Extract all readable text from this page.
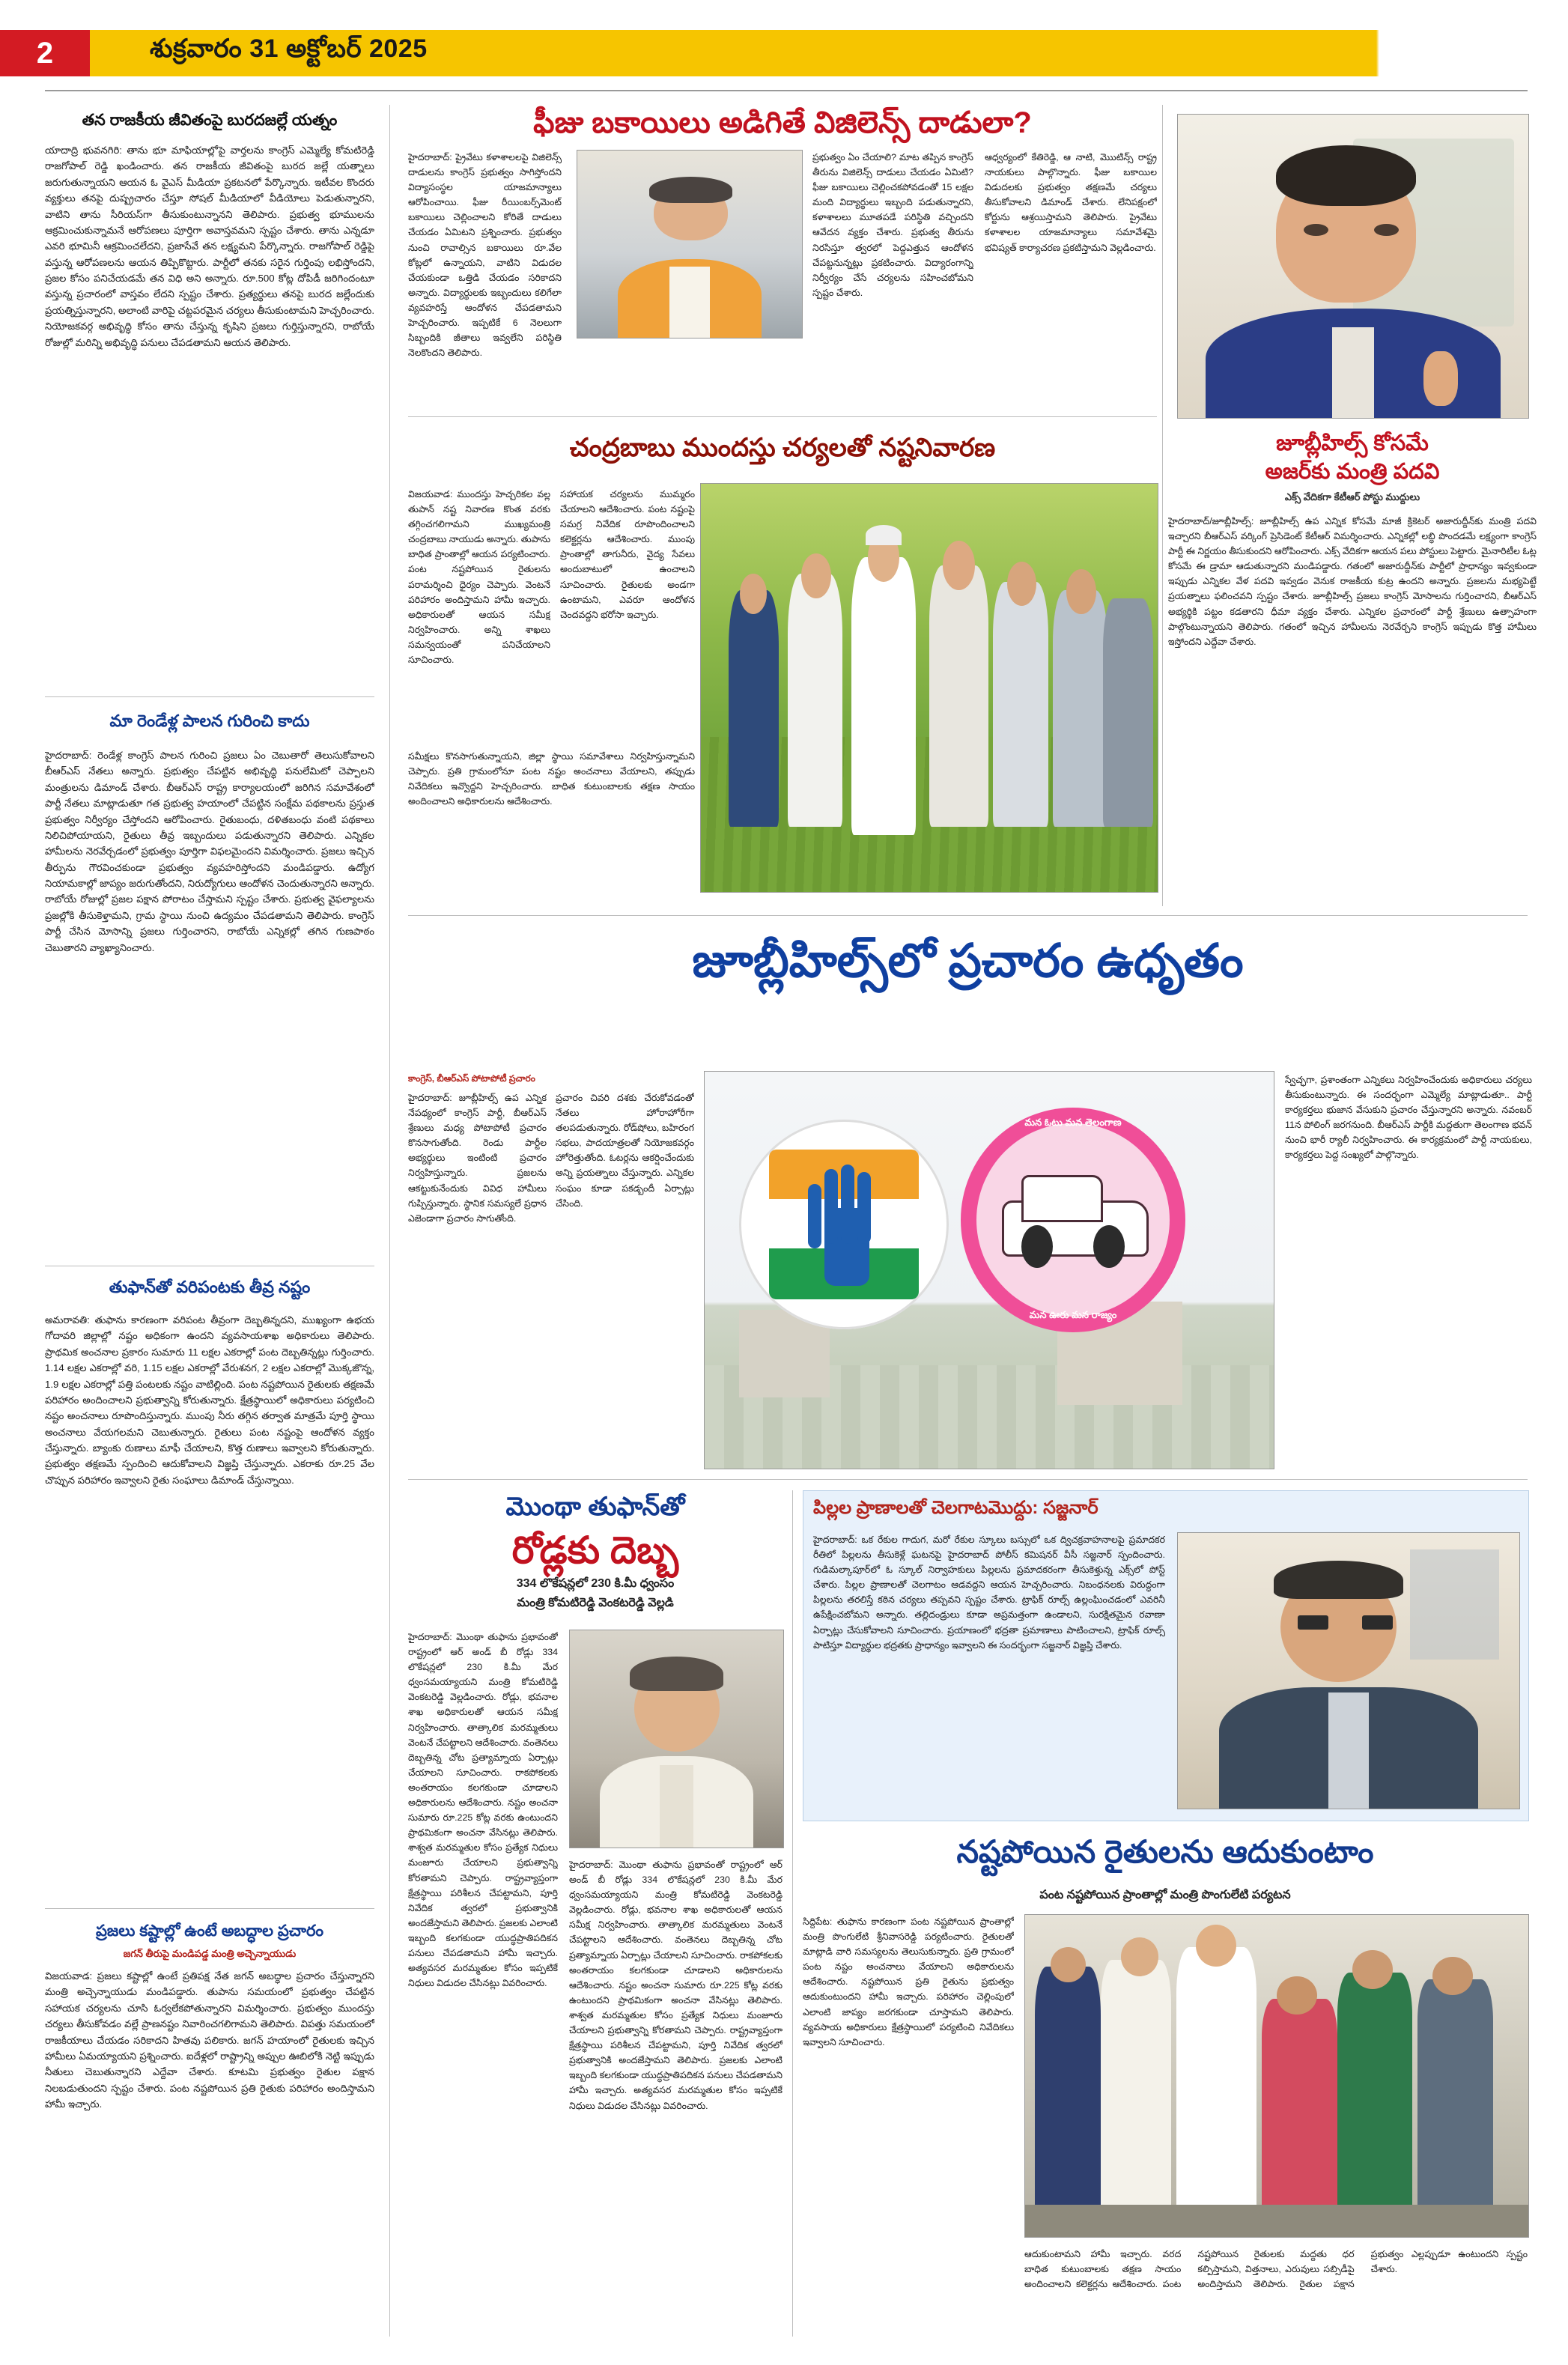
2	శుక్రవారం 31 అక్టోబర్ 2025
తన రాజకీయ జీవితంపై బురదజల్లే యత్నం
యాదాద్రి భువనగిరి: తాను భూ మాఫియాల్లోపై వార్తలను కాంగ్రెస్ ఎమ్మెల్యే కోమటిరెడ్డి రాజగోపాల్ రెడ్డి ఖండించారు. తన రాజకీయ జీవితంపై బురద జల్లే యత్నాలు జరుగుతున్నాయని ఆయన ఓ వైఎస్ మీడియా ప్రకటనలో పేర్కొన్నారు. ఇటీవల కొందరు వ్యక్తులు తనపై దుష్ప్రచారం చేస్తూ సోషల్ మీడియాలో వీడియోలు పెడుతున్నారని, వాటిని తాను సీరియస్‌గా తీసుకుంటున్నానని తెలిపారు. ప్రభుత్వ భూములను ఆక్రమించుకున్నామనే ఆరోపణలు పూర్తిగా అవాస్తవమని స్పష్టం చేశారు. తాను ఎన్నడూ ఎవరి భూమినీ ఆక్రమించలేదని, ప్రజాసేవే తన లక్ష్యమని పేర్కొన్నారు. రాజగోపాల్ రెడ్డిపై వస్తున్న ఆరోపణలను ఆయన తిప్పికొట్టారు. పార్టీలో తనకు సరైన గుర్తింపు లభిస్తోందని, ప్రజల కోసం పనిచేయడమే తన విధి అని అన్నారు. రూ.500 కోట్ల దోపిడీ జరిగిందంటూ వస్తున్న ప్రచారంలో వాస్తవం లేదని స్పష్టం చేశారు. ప్రత్యర్థులు తనపై బురద జల్లేందుకు ప్రయత్నిస్తున్నారని, అలాంటి వారిపై చట్టపరమైన చర్యలు తీసుకుంటామని హెచ్చరించారు. నియోజకవర్గ అభివృద్ధి కోసం తాను చేస్తున్న కృషిని ప్రజలు గుర్తిస్తున్నారని, రాబోయే రోజుల్లో మరిన్ని అభివృద్ధి పనులు చేపడతామని ఆయన తెలిపారు.
మా రెండేళ్ల పాలన గురించి కాదు
హైదరాబాద్: రెండేళ్ల కాంగ్రెస్ పాలన గురించి ప్రజలు ఏం చెబుతారో తెలుసుకోవాలని బీఆర్ఎస్ నేతలు అన్నారు. ప్రభుత్వం చేపట్టిన అభివృద్ధి పనులేమిటో చెప్పాలని మంత్రులను డిమాండ్ చేశారు. బీఆర్ఎస్ రాష్ట్ర కార్యాలయంలో జరిగిన సమావేశంలో పార్టీ నేతలు మాట్లాడుతూ గత ప్రభుత్వ హయాంలో చేపట్టిన సంక్షేమ పథకాలను ప్రస్తుత ప్రభుత్వం నిర్వీర్యం చేస్తోందని ఆరోపించారు. రైతుబంధు, దళితబంధు వంటి పథకాలు నిలిచిపోయాయని, రైతులు తీవ్ర ఇబ్బందులు పడుతున్నారని తెలిపారు. ఎన్నికల హామీలను నెరవేర్చడంలో ప్రభుత్వం పూర్తిగా విఫలమైందని విమర్శించారు. ప్రజలు ఇచ్చిన తీర్పును గౌరవించకుండా ప్రభుత్వం వ్యవహరిస్తోందని మండిపడ్డారు. ఉద్యోగ నియామకాల్లో జాప్యం జరుగుతోందని, నిరుద్యోగులు ఆందోళన చెందుతున్నారని అన్నారు. రాబోయే రోజుల్లో ప్రజల పక్షాన పోరాటం చేస్తామని స్పష్టం చేశారు. ప్రభుత్వ వైఫల్యాలను ప్రజల్లోకి తీసుకెళ్తామని, గ్రామ స్థాయి నుంచి ఉద్యమం చేపడతామని తెలిపారు. కాంగ్రెస్ పార్టీ చేసిన మోసాన్ని ప్రజలు గుర్తించారని, రాబోయే ఎన్నికల్లో తగిన గుణపాఠం చెబుతారని వ్యాఖ్యానించారు.
తుఫాన్‌తో వరిపంటకు తీవ్ర నష్టం
అమరావతి: తుఫాను కారణంగా వరిపంట తీవ్రంగా దెబ్బతిన్నదని, ముఖ్యంగా ఉభయ గోదావరి జిల్లాల్లో నష్టం అధికంగా ఉందని వ్యవసాయశాఖ అధికారులు తెలిపారు. ప్రాథమిక అంచనాల ప్రకారం సుమారు 11 లక్షల ఎకరాల్లో పంట దెబ్బతిన్నట్లు గుర్తించారు. 1.14 లక్షల ఎకరాల్లో వరి, 1.15 లక్షల ఎకరాల్లో వేరుశనగ, 2 లక్షల ఎకరాల్లో మొక్కజొన్న, 1.9 లక్షల ఎకరాల్లో పత్తి పంటలకు నష్టం వాటిల్లింది. పంట నష్టపోయిన రైతులకు తక్షణమే పరిహారం అందించాలని ప్రభుత్వాన్ని కోరుతున్నారు. క్షేత్రస్థాయిలో అధికారులు పర్యటించి నష్టం అంచనాలు రూపొందిస్తున్నారు. ముంపు నీరు తగ్గిన తర్వాత మాత్రమే పూర్తి స్థాయి అంచనాలు వేయగలమని చెబుతున్నారు. రైతులు పంట నష్టంపై ఆందోళన వ్యక్తం చేస్తున్నారు. బ్యాంకు రుణాలు మాఫీ చేయాలని, కొత్త రుణాలు ఇవ్వాలని కోరుతున్నారు. ప్రభుత్వం తక్షణమే స్పందించి ఆదుకోవాలని విజ్ఞప్తి చేస్తున్నారు. ఎకరాకు రూ.25 వేల చొప్పున పరిహారం ఇవ్వాలని రైతు సంఘాలు డిమాండ్ చేస్తున్నాయి.
ప్రజలు కష్టాల్లో ఉంటే అబద్ధాల ప్రచారం
జగన్ తీరుపై మండిపడ్డ మంత్రి అచ్చెన్నాయుడు
విజయవాడ: ప్రజలు కష్టాల్లో ఉంటే ప్రతిపక్ష నేత జగన్ అబద్ధాల ప్రచారం చేస్తున్నారని మంత్రి అచ్చెన్నాయుడు మండిపడ్డారు. తుపాను సమయంలో ప్రభుత్వం చేపట్టిన సహాయక చర్యలను చూసి ఓర్వలేకపోతున్నారని విమర్శించారు. ప్రభుత్వం ముందస్తు చర్యలు తీసుకోవడం వల్లే ప్రాణనష్టం నివారించగలిగామని తెలిపారు. విపత్తు సమయంలో రాజకీయాలు చేయడం సరికాదని హితవు పలికారు. జగన్ హయాంలో రైతులకు ఇచ్చిన హామీలు ఏమయ్యాయని ప్రశ్నించారు. ఐదేళ్లలో రాష్ట్రాన్ని అప్పుల ఊబిలోకి నెట్టి ఇప్పుడు నీతులు చెబుతున్నారని ఎద్దేవా చేశారు. కూటమి ప్రభుత్వం రైతుల పక్షాన నిలబడుతుందని స్పష్టం చేశారు. పంట నష్టపోయిన ప్రతి రైతుకు పరిహారం అందిస్తామని హామీ ఇచ్చారు.
ఫీజు బకాయిలు అడిగితే విజిలెన్స్ దాడులా?
హైదరాబాద్: ప్రైవేటు కళాశాలలపై విజిలెన్స్ దాడులను కాంగ్రెస్ ప్రభుత్వం సాగిస్తోందని విద్యాసంస్థల యాజమాన్యాలు ఆరోపించాయి. ఫీజు రీయింబర్స్‌మెంట్ బకాయిలు చెల్లించాలని కోరితే దాడులు చేయడం ఏమిటని ప్రశ్నించారు. ప్రభుత్వం నుంచి రావాల్సిన బకాయిలు రూ.వేల కోట్లలో ఉన్నాయని, వాటిని విడుదల చేయకుండా ఒత్తిడి చేయడం సరికాదని అన్నారు. విద్యార్థులకు ఇబ్బందులు కలిగేలా వ్యవహరిస్తే ఆందోళన చేపడతామని హెచ్చరించారు. ఇప్పటికే 6 నెలలుగా సిబ్బందికి జీతాలు ఇవ్వలేని పరిస్థితి నెలకొందని తెలిపారు.
ప్రభుత్వం ఏం చేయాలి? మాట తప్పిన కాంగ్రెస్ తీరును విజిలెన్స్ దాడులు చేయడం ఏమిటి? ఫీజు బకాయిలు చెల్లించకపోవడంతో 15 లక్షల మంది విద్యార్థులు ఇబ్బంది పడుతున్నారని, కళాశాలలు మూతపడే పరిస్థితి వచ్చిందని ఆవేదన వ్యక్తం చేశారు. ప్రభుత్వ తీరును నిరసిస్తూ త్వరలో పెద్దఎత్తున ఆందోళన చేపట్టనున్నట్లు ప్రకటించారు. విద్యారంగాన్ని నిర్వీర్యం చేసే చర్యలను సహించబోమని స్పష్టం చేశారు.
ఆధ్వర్యంలో కేతిరెడ్డి, ఆ నాటి, మెుుటిన్స్ రాష్ట్ర నాయకులు పాల్గొన్నారు. ఫీజు బకాయిల విడుదలకు ప్రభుత్వం తక్షణమే చర్యలు తీసుకోవాలని డిమాండ్ చేశారు. లేనిపక్షంలో కోర్టును ఆశ్రయిస్తామని తెలిపారు. ప్రైవేటు కళాశాలల యాజమాన్యాలు సమావేశమై భవిష్యత్ కార్యాచరణ ప్రకటిస్తామని వెల్లడించారు.
చంద్రబాబు ముందస్తు చర్యలతో నష్టనివారణ
విజయవాడ: ముందస్తు హెచ్చరికల వల్ల తుపాన్ నష్ట నివారణ కొంత వరకు తగ్గించగలిగామని ముఖ్యమంత్రి చంద్రబాబు నాయుడు అన్నారు. తుపాను బాధిత ప్రాంతాల్లో ఆయన పర్యటించారు. పంట నష్టపోయిన రైతులను పరామర్శించి ధైర్యం చెప్పారు. వెంటనే పరిహారం అందిస్తామని హామీ ఇచ్చారు. అధికారులతో ఆయన సమీక్ష నిర్వహించారు. అన్ని శాఖలు సమన్వయంతో పనిచేయాలని సూచించారు.
సహాయక చర్యలను ముమ్మరం చేయాలని ఆదేశించారు. పంట నష్టంపై సమగ్ర నివేదిక రూపొందించాలని కలెక్టర్లను ఆదేశించారు. ముంపు ప్రాంతాల్లో తాగునీరు, వైద్య సేవలు అందుబాటులో ఉంచాలని సూచించారు. రైతులకు అండగా ఉంటామని, ఎవరూ ఆందోళన చెందవద్దని భరోసా ఇచ్చారు.
సమీక్షలు కొనసాగుతున్నాయని, జిల్లా స్థాయి సమావేశాలు నిర్వహిస్తున్నామని చెప్పారు. ప్రతి గ్రామంలోనూ పంట నష్టం అంచనాలు వేయాలని, తప్పుడు నివేదికలు ఇవ్వొద్దని హెచ్చరించారు. బాధిత కుటుంబాలకు తక్షణ సాయం అందించాలని అధికారులను ఆదేశించారు.
జూబ్లీహిల్స్ కోసమే
అజర్‌కు మంత్రి పదవి
ఎక్స్ వేదికగా కేటీఆర్ పోస్టు ముద్దులు
హైదరాబాద్/జూబ్లీహిల్స్: జూబ్లీహిల్స్ ఉప ఎన్నిక కోసమే మాజీ క్రికెటర్ అజారుద్దీన్‌కు మంత్రి పదవి ఇచ్చారని బీఆర్ఎస్ వర్కింగ్ ప్రెసిడెంట్ కేటీఆర్ విమర్శించారు. ఎన్నికల్లో లబ్ధి పొందడమే లక్ష్యంగా కాంగ్రెస్ పార్టీ ఈ నిర్ణయం తీసుకుందని ఆరోపించారు. ఎక్స్ వేదికగా ఆయన పలు పోస్టులు పెట్టారు. మైనారిటీల ఓట్ల కోసమే ఈ డ్రామా ఆడుతున్నారని మండిపడ్డారు. గతంలో అజారుద్దీన్‌కు పార్టీలో ప్రాధాన్యం ఇవ్వకుండా ఇప్పుడు ఎన్నికల వేళ పదవి ఇవ్వడం వెనుక రాజకీయ కుట్ర ఉందని అన్నారు. ప్రజలను మభ్యపెట్టే ప్రయత్నాలు ఫలించవని స్పష్టం చేశారు. జూబ్లీహిల్స్ ప్రజలు కాంగ్రెస్ మోసాలను గుర్తించారని, బీఆర్ఎస్ అభ్యర్థికి పట్టం కడతారని ధీమా వ్యక్తం చేశారు. ఎన్నికల ప్రచారంలో పార్టీ శ్రేణులు ఉత్సాహంగా పాల్గొంటున్నాయని తెలిపారు. గతంలో ఇచ్చిన హామీలను నెరవేర్చని కాంగ్రెస్ ఇప్పుడు కొత్త హామీలు ఇస్తోందని ఎద్దేవా చేశారు.
జూబ్లీహిల్స్‌లో ప్రచారం ఉధృతం
కాంగ్రెస్, బీఆర్ఎస్ పోటాపోటీ ప్రచారం
హైదరాబాద్: జూబ్లీహిల్స్ ఉప ఎన్నిక నేపథ్యంలో కాంగ్రెస్ పార్టీ, బీఆర్ఎస్ శ్రేణులు మధ్య పోటాపోటీ ప్రచారం కొనసాగుతోంది. రెండు పార్టీల అభ్యర్థులు ఇంటింటి ప్రచారం నిర్వహిస్తున్నారు. ప్రజలను ఆకట్టుకునేందుకు వివిధ హామీలు గుప్పిస్తున్నారు. స్థానిక సమస్యలే ప్రధాన ఎజెండాగా ప్రచారం సాగుతోంది.
ప్రచారం చివరి దశకు చేరుకోవడంతో నేతలు హోరాహోరీగా తలపడుతున్నారు. రోడ్‌షోలు, బహిరంగ సభలు, పాదయాత్రలతో నియోజకవర్గం హోరెత్తుతోంది. ఓటర్లను ఆకర్షించేందుకు అన్ని ప్రయత్నాలు చేస్తున్నారు. ఎన్నికల సంఘం కూడా పకడ్బందీ ఏర్పాట్లు చేసింది.
మన ఓటు మన తెలంగాణ
మన ఊరు మన రాజ్యం
స్వేచ్ఛగా, ప్రశాంతంగా ఎన్నికలు నిర్వహించేందుకు అధికారులు చర్యలు తీసుకుంటున్నారు. ఈ సందర్భంగా ఎమ్మెల్యే మాట్లాడుతూ.. పార్టీ కార్యకర్తలు భుజాన వేసుకుని ప్రచారం చేస్తున్నారని అన్నారు. నవంబర్ 11న పోలింగ్ జరగనుంది. బీఆర్ఎస్ పార్టీకి మద్దతుగా తెలంగాణ భవన్ నుంచి భారీ ర్యాలీ నిర్వహించారు. ఈ కార్యక్రమంలో పార్టీ నాయకులు, కార్యకర్తలు పెద్ద సంఖ్యలో పాల్గొన్నారు.
మొంథా తుఫాన్‌తో
రోడ్లకు దెబ్బ
334 లొకేషన్లలో 230 కి.మీ ధ్వంసం
మంత్రి కోమటిరెడ్డి వెంకటరెడ్డి వెల్లడి
హైదరాబాద్: మొంథా తుఫాను ప్రభావంతో రాష్ట్రంలో ఆర్ అండ్ బీ రోడ్లు 334 లొకేషన్లలో 230 కి.మీ మేర ధ్వంసమయ్యాయని మంత్రి కోమటిరెడ్డి వెంకటరెడ్డి వెల్లడించారు. రోడ్లు, భవనాల శాఖ అధికారులతో ఆయన సమీక్ష నిర్వహించారు. తాత్కాలిక మరమ్మతులు వెంటనే చేపట్టాలని ఆదేశించారు. వంతెనలు దెబ్బతిన్న చోట ప్రత్యామ్నాయ ఏర్పాట్లు చేయాలని సూచించారు. రాకపోకలకు అంతరాయం కలగకుండా చూడాలని అధికారులను ఆదేశించారు. నష్టం అంచనా సుమారు రూ.225 కోట్ల వరకు ఉంటుందని ప్రాథమికంగా అంచనా వేసినట్లు తెలిపారు. శాశ్వత మరమ్మతుల కోసం ప్రత్యేక నిధులు మంజూరు చేయాలని ప్రభుత్వాన్ని కోరతామని చెప్పారు. రాష్ట్రవ్యాప్తంగా క్షేత్రస్థాయి పరిశీలన చేపట్టామని, పూర్తి నివేదిక త్వరలో ప్రభుత్వానికి అందజేస్తామని తెలిపారు. ప్రజలకు ఎలాంటి ఇబ్బంది కలగకుండా యుద్ధప్రాతిపదికన పనులు చేపడతామని హామీ ఇచ్చారు. అత్యవసర మరమ్మతుల కోసం ఇప్పటికే నిధులు విడుదల చేసినట్లు వివరించారు.
హైదరాబాద్: మొంథా తుఫాను ప్రభావంతో రాష్ట్రంలో ఆర్ అండ్ బీ రోడ్లు 334 లొకేషన్లలో 230 కి.మీ మేర ధ్వంసమయ్యాయని మంత్రి కోమటిరెడ్డి వెంకటరెడ్డి వెల్లడించారు. రోడ్లు, భవనాల శాఖ అధికారులతో ఆయన సమీక్ష నిర్వహించారు. తాత్కాలిక మరమ్మతులు వెంటనే చేపట్టాలని ఆదేశించారు. వంతెనలు దెబ్బతిన్న చోట ప్రత్యామ్నాయ ఏర్పాట్లు చేయాలని సూచించారు. రాకపోకలకు అంతరాయం కలగకుండా చూడాలని అధికారులను ఆదేశించారు. నష్టం అంచనా సుమారు రూ.225 కోట్ల వరకు ఉంటుందని ప్రాథమికంగా అంచనా వేసినట్లు తెలిపారు. శాశ్వత మరమ్మతుల కోసం ప్రత్యేక నిధులు మంజూరు చేయాలని ప్రభుత్వాన్ని కోరతామని చెప్పారు. రాష్ట్రవ్యాప్తంగా క్షేత్రస్థాయి పరిశీలన చేపట్టామని, పూర్తి నివేదిక త్వరలో ప్రభుత్వానికి అందజేస్తామని తెలిపారు. ప్రజలకు ఎలాంటి ఇబ్బంది కలగకుండా యుద్ధప్రాతిపదికన పనులు చేపడతామని హామీ ఇచ్చారు. అత్యవసర మరమ్మతుల కోసం ఇప్పటికే నిధులు విడుదల చేసినట్లు వివరించారు.
పిల్లల ప్రాణాలతో చెలగాటమొద్దు: సజ్జనార్
హైదరాబాద్: ఒక రేకుల గాదుగ, మరో రేకుల స్కూలు బస్సులో ఒక ద్విచక్రవాహనాలపై ప్రమాదకర రీతిలో పిల్లలను తీసుకెళ్లే ఘటనపై హైదరాబాద్ పోలీస్ కమిషనర్ వీసీ సజ్జనార్ స్పందించారు. గుడిమల్కాపూర్‌లో ఓ స్కూల్ నిర్వాహకులు పిల్లలను ప్రమాదకరంగా తీసుకెళ్తున్న ఎక్స్‌లో పోస్ట్ చేశారు. పిల్లల ప్రాణాలతో చెలగాటం ఆడవద్దని ఆయన హెచ్చరించారు. నిబంధనలకు విరుద్ధంగా పిల్లలను తరలిస్తే కఠిన చర్యలు తప్పవని స్పష్టం చేశారు. ట్రాఫిక్ రూల్స్ ఉల్లంఘించడంలో ఎవరినీ ఉపేక్షించబోమని అన్నారు. తల్లిదండ్రులు కూడా అప్రమత్తంగా ఉండాలని, సురక్షితమైన రవాణా ఏర్పాట్లు చేసుకోవాలని సూచించారు. ప్రయాణంలో భద్రతా ప్రమాణాలు పాటించాలని, ట్రాఫిక్ రూల్స్ పాటిస్తూ విద్యార్థుల భద్రతకు ప్రాధాన్యం ఇవ్వాలని ఈ సందర్భంగా సజ్జనార్ విజ్ఞప్తి చేశారు.
నష్టపోయిన రైతులను ఆదుకుంటాం
పంట నష్టపోయిన ప్రాంతాల్లో మంత్రి పొంగులేటి పర్యటన
సిద్దిపేట: తుఫాను కారణంగా పంట నష్టపోయిన ప్రాంతాల్లో మంత్రి పొంగులేటి శ్రీనివాసరెడ్డి పర్యటించారు. రైతులతో మాట్లాడి వారి సమస్యలను తెలుసుకున్నారు. ప్రతి గ్రామంలో పంట నష్టం అంచనాలు వేయాలని అధికారులను ఆదేశించారు. నష్టపోయిన ప్రతి రైతును ప్రభుత్వం ఆదుకుంటుందని హామీ ఇచ్చారు. పరిహారం చెల్లింపులో ఎలాంటి జాప్యం జరగకుండా చూస్తామని తెలిపారు. వ్యవసాయ అధికారులు క్షేత్రస్థాయిలో పర్యటించి నివేదికలు ఇవ్వాలని సూచించారు.
ఆదుకుంటామని హామీ ఇచ్చారు. వరద బాధిత కుటుంబాలకు తక్షణ సాయం అందించాలని కలెక్టర్లను ఆదేశించారు. పంట నష్టపోయిన రైతులకు మద్దతు ధర కల్పిస్తామని, విత్తనాలు, ఎరువులు సబ్సిడీపై అందిస్తామని తెలిపారు. రైతుల పక్షాన ప్రభుత్వం ఎల్లప్పుడూ ఉంటుందని స్పష్టం చేశారు.
